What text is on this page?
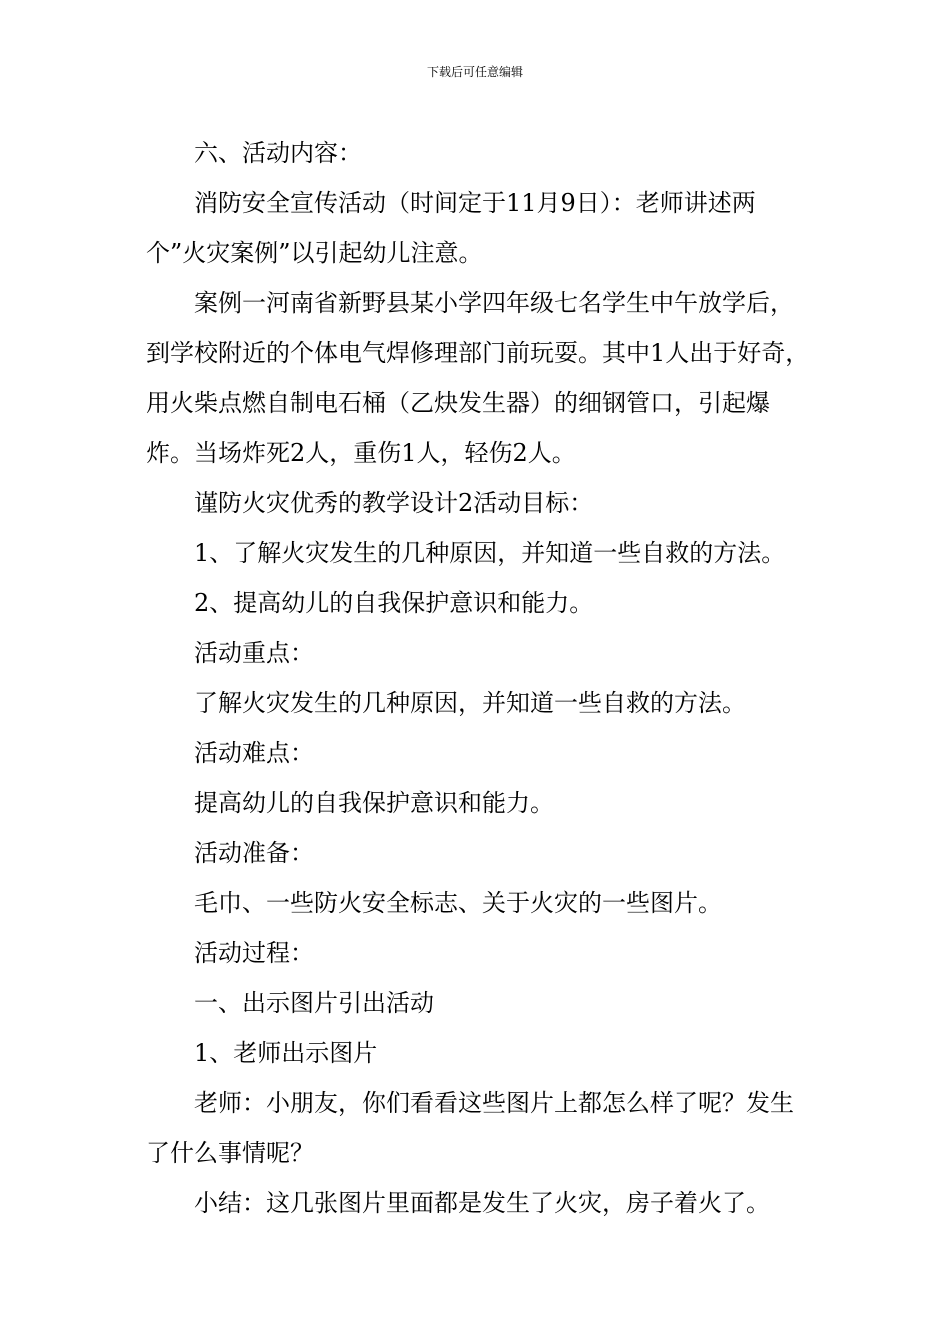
下载后可任意编辑

六、活动内容：

消防安全宣传活动（时间定于11月9日）：老师讲述两个”火灾案例”以引起幼儿注意。

案例一河南省新野县某小学四年级七名学生中午放学后，到学校附近的个体电气焊修理部门前玩耍。其中1人出于好奇，用火柴点燃自制电石桶（乙炔发生器）的细钢管口，引起爆炸。当场炸死2人，重伤1人，轻伤2人。

谨防火灾优秀的教学设计2活动目标：

1、了解火灾发生的几种原因，并知道一些自救的方法。

2、提高幼儿的自我保护意识和能力。

活动重点：

了解火灾发生的几种原因，并知道一些自救的方法。

活动难点：

提高幼儿的自我保护意识和能力。

活动准备：

毛巾、一些防火安全标志、关于火灾的一些图片。

活动过程：

一、出示图片引出活动

1、老师出示图片

老师：小朋友，你们看看这些图片上都怎么样了呢？发生了什么事情呢？

小结：这几张图片里面都是发生了火灾，房子着火了。
